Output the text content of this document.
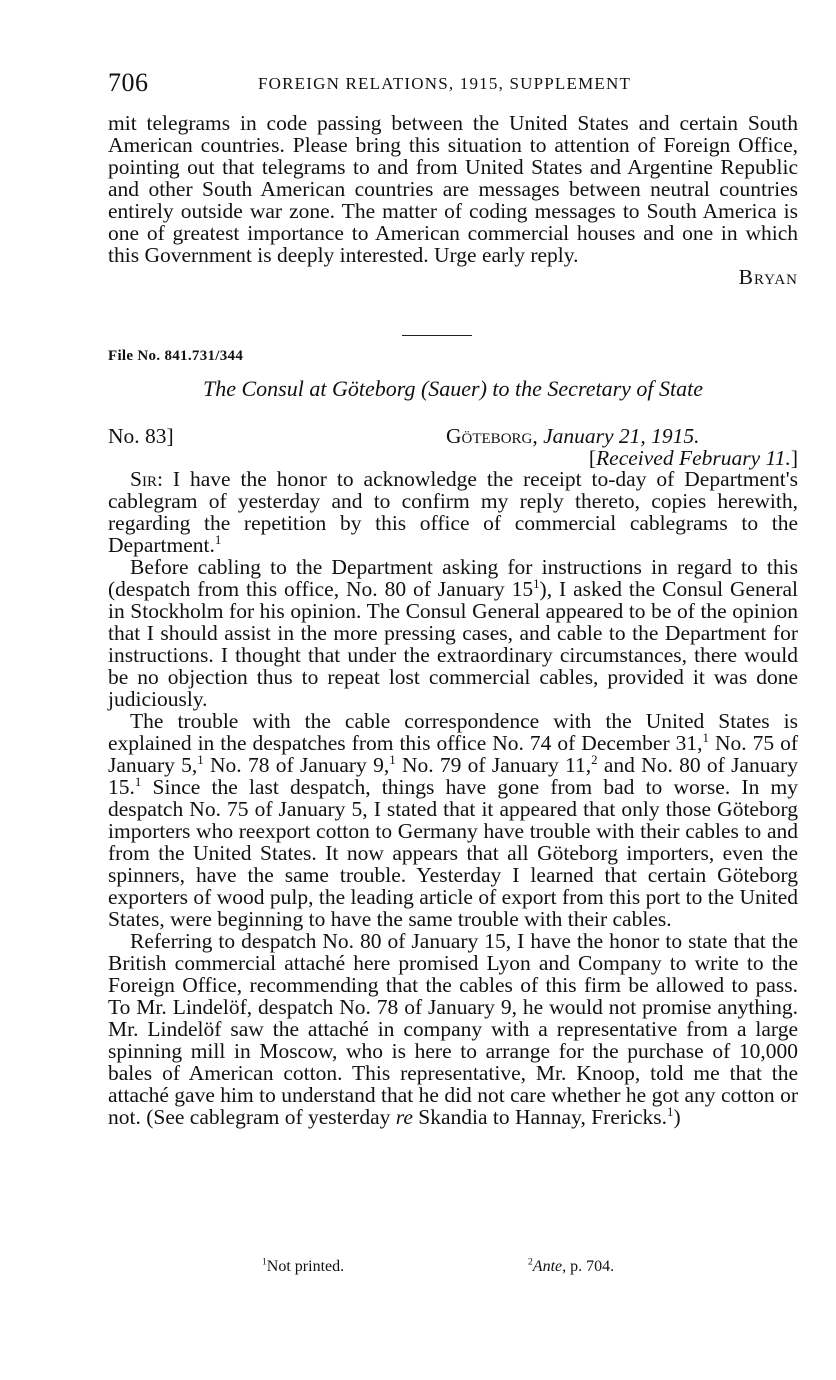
706	FOREIGN RELATIONS, 1915, SUPPLEMENT

mit telegrams in code passing between the United States and certain South American countries. Please bring this situation to attention of Foreign Office, pointing out that telegrams to and from United States and Argentine Republic and other South American countries are messages between neutral countries entirely outside war zone. The matter of coding messages to South America is one of greatest importance to American commercial houses and one in which this Government is deeply interested. Urge early reply.

Bryan

File No. 841.731/344
The Consul at Göteborg (Sauer) to the Secretary of State
No. 83]	Göteborg, January 21, 1915.
[Received February 11.]

Sir: I have the honor to acknowledge the receipt to-day of Department's cablegram of yesterday and to confirm my reply thereto, copies herewith, regarding the repetition by this office of commercial cablegrams to the Department.$^1$

Before cabling to the Department asking for instructions in regard to this (despatch from this office, No. 80 of January $15^1$), I asked the Consul General in Stockholm for his opinion. The Consul General appeared to be of the opinion that I should assist in the more pressing cases, and cable to the Department for instructions. I thought that under the extraordinary circumstances, there would be no objection thus to repeat lost commercial cables, provided it was done judiciously.

The trouble with the cable correspondence with the United States is explained in the despatches from this office No. 74 of December 31,$^1$ No. 75 of January 5,$^1$ No. 78 of January 9,$^1$ No. 79 of January 11,$^2$ and No. 80 of January 15.$^1$ Since the last despatch, things have gone from bad to worse. In my despatch No. 75 of January 5, I stated that it appeared that only those Göteborg importers who reexport cotton to Germany have trouble with their cables to and from the United States. It now appears that all Göteborg importers, even the spinners, have the same trouble. Yesterday I learned that certain Göteborg exporters of wood pulp, the leading article of export from this port to the United States, were beginning to have the same trouble with their cables.

Referring to despatch No. 80 of January 15, I have the honor to state that the British commercial attaché here promised Lyon and Company to write to the Foreign Office, recommending that the cables of this firm be allowed to pass. To Mr. Lindelöf, despatch No. 78 of January 9, he would not promise anything. Mr. Lindelöf saw the attaché in company with a representative from a large spinning mill in Moscow, who is here to arrange for the purchase of 10,000 bales of American cotton. This representative, Mr. Knoop, told me that the attaché gave him to understand that he did not care whether he got any cotton or not. (See cablegram of yesterday re Skandia to Hannay, Frericks.$^1$)

$^1$Not printed.	$^2$Ante, p. 704.
